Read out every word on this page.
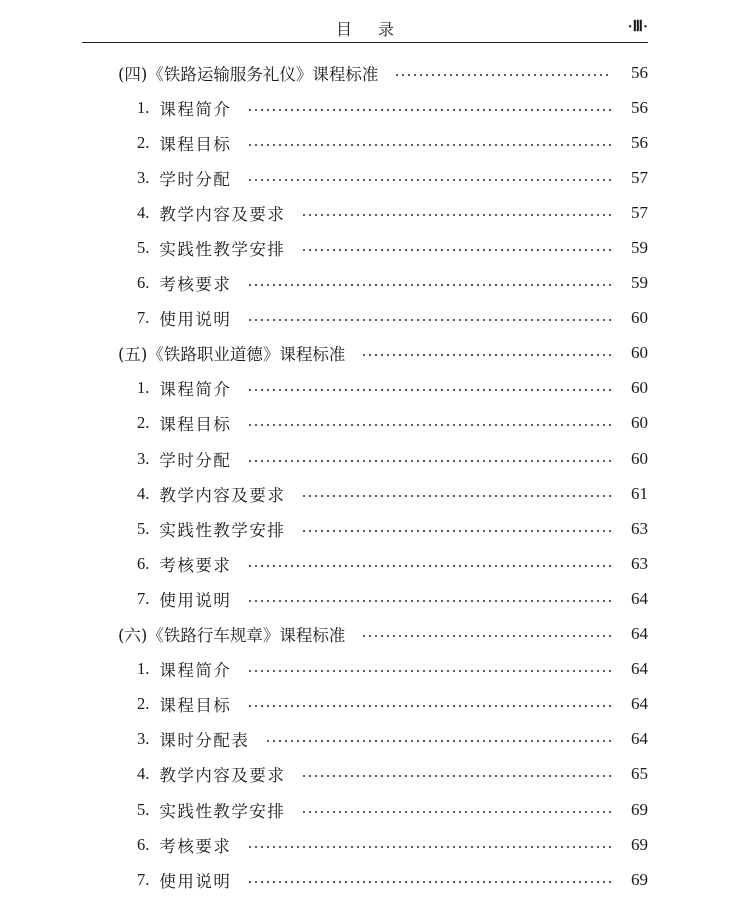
目录	·Ⅲ·
(四)《铁路运输服务礼仪》课程标准	56
1. 课程简介	56
2. 课程目标	56
3. 学时分配	57
4. 教学内容及要求	57
5. 实践性教学安排	59
6. 考核要求	59
7. 使用说明	60
(五)《铁路职业道德》课程标准	60
1. 课程简介	60
2. 课程目标	60
3. 学时分配	60
4. 教学内容及要求	61
5. 实践性教学安排	63
6. 考核要求	63
7. 使用说明	64
(六)《铁路行车规章》课程标准	64
1. 课程简介	64
2. 课程目标	64
3. 课时分配表	64
4. 教学内容及要求	65
5. 实践性教学安排	69
6. 考核要求	69
7. 使用说明	69
